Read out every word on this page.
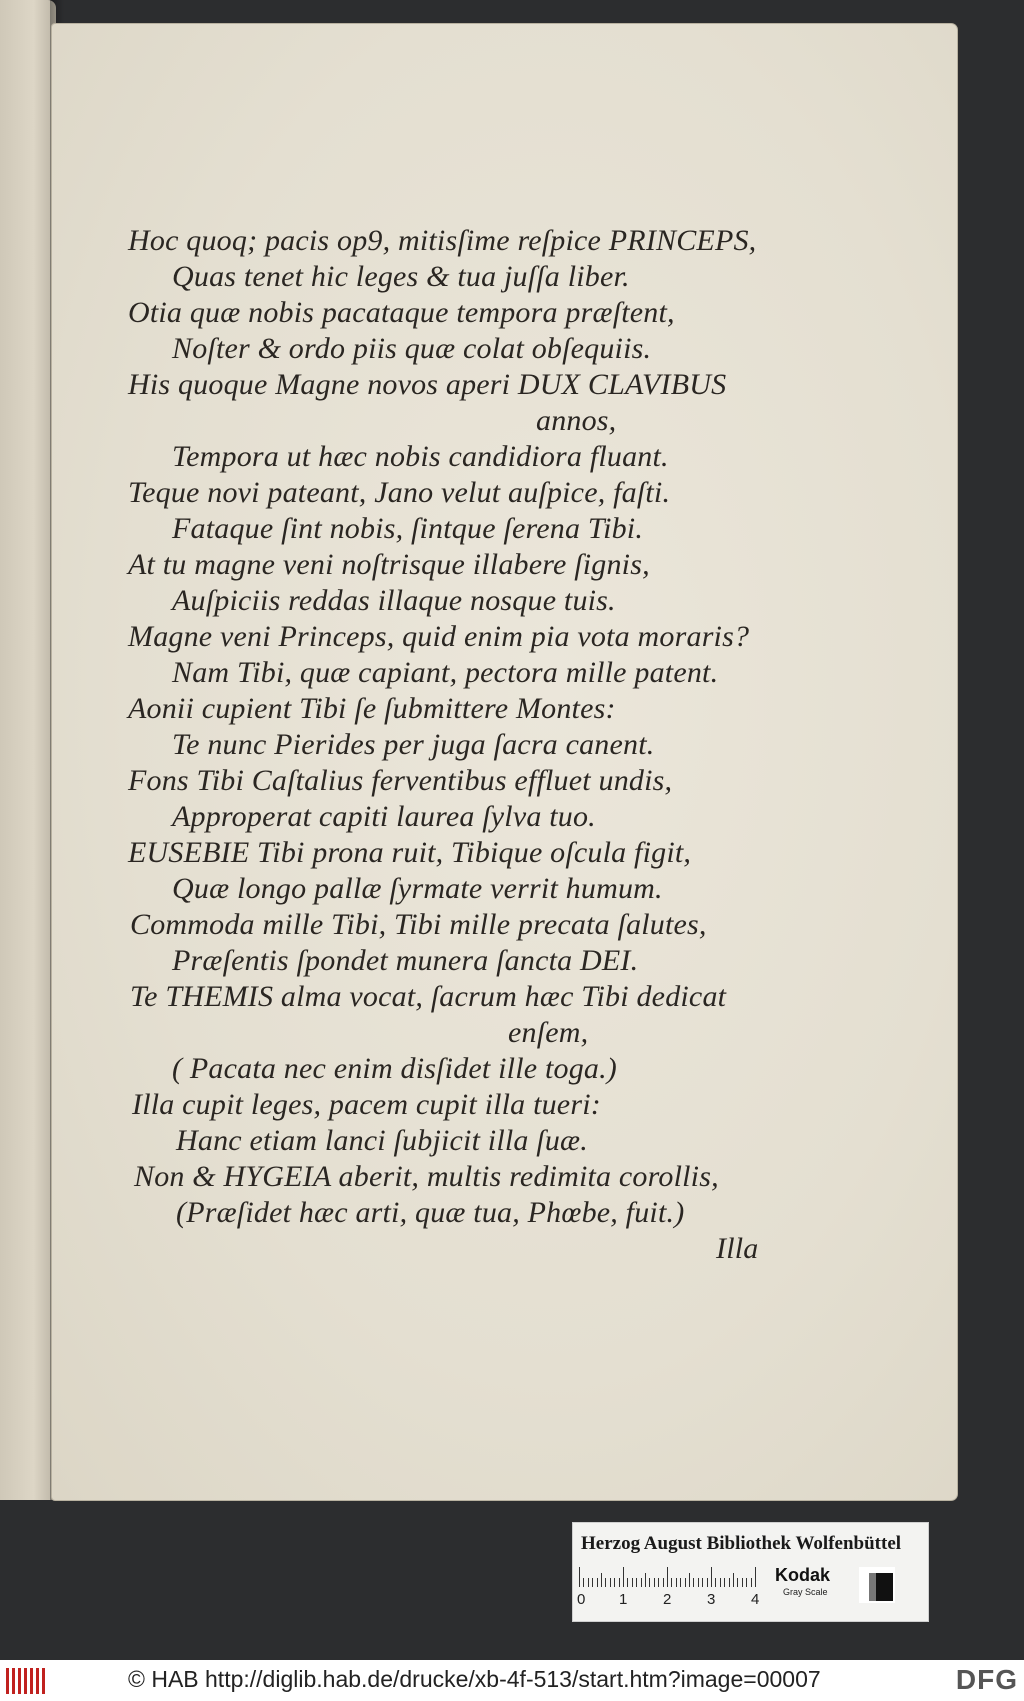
Hoc quoq; pacis op9, mitisſime reſpice PRINCEPS,
Quas tenet hic leges & tua juſſa liber.
Otia quæ nobis pacataque tempora præſtent,
Noſter & ordo piis quæ colat obſequiis.
His quoque Magne novos aperi DUX CLAVIBUS
annos,
Tempora ut hæc nobis candidiora fluant.
Teque novi pateant, Jano velut auſpice, faſti.
Fataque ſint nobis, ſintque ſerena Tibi.
At tu magne veni noſtrisque illabere ſignis,
Auſpiciis reddas illaque nosque tuis.
Magne veni Princeps, quid enim pia vota moraris?
Nam Tibi, quæ capiant, pectora mille patent.
Aonii cupient Tibi ſe ſubmittere Montes:
Te nunc Pierides per juga ſacra canent.
Fons Tibi Caſtalius ferventibus effluet undis,
Approperat capiti laurea ſylva tuo.
EUSEBIE Tibi prona ruit, Tibique oſcula figit,
Quæ longo pallæ ſyrmate verrit humum.
Commoda mille Tibi, Tibi mille precata ſalutes,
Præſentis ſpondet munera ſancta DEI.
Te THEMIS alma vocat, ſacrum hæc Tibi dedicat
enſem,
( Pacata nec enim disſidet ille toga.)
Illa cupit leges, pacem cupit illa tueri:
Hanc etiam lanci ſubjicit illa ſuæ.
Non & HYGEIA aberit, multis redimita corollis,
(Præſidet hæc arti, quæ tua, Phœbe, fuit.)
Illa
Herzog August Bibliothek Wolfenbüttel
0 1 2 3 4
Kodak
Gray Scale
© HAB http://diglib.hab.de/drucke/xb-4f-513/start.htm?image=00007	DFG
